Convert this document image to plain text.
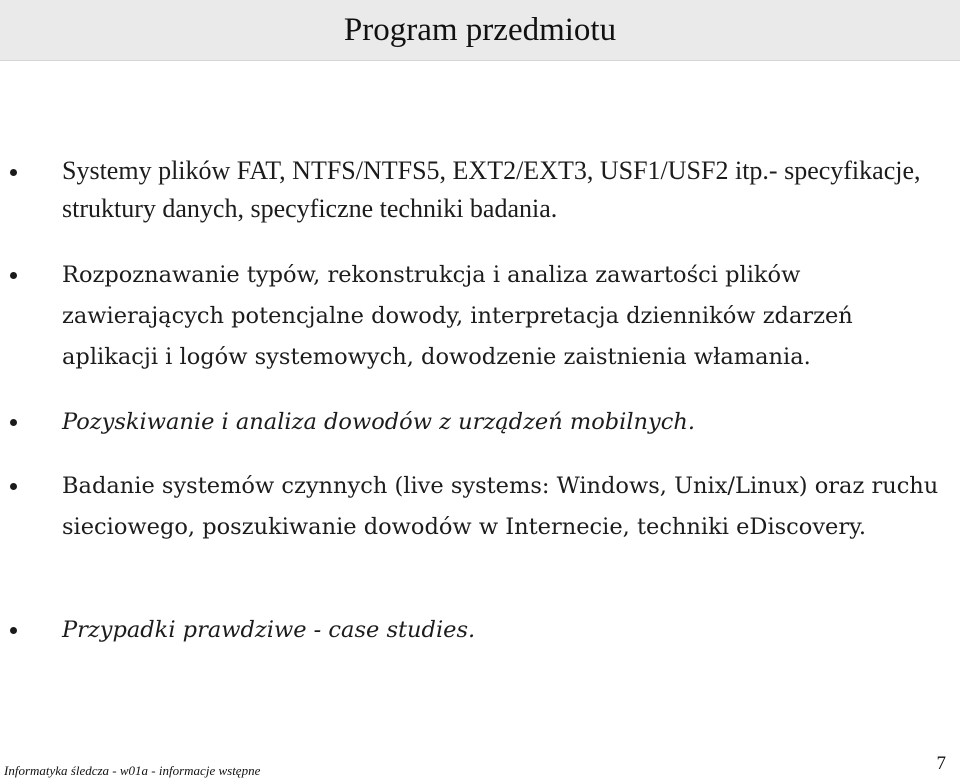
Program przedmiotu
Systemy plików FAT, NTFS/NTFS5, EXT2/EXT3, USF1/USF2 itp.- specyfikacje, struktury danych, specyficzne techniki badania.
Rozpoznawanie typów, rekonstrukcja i analiza zawartości plików zawierających potencjalne dowody, interpretacja dzienników zdarzeń aplikacji i logów systemowych, dowodzenie zaistnienia włamania.
Pozyskiwanie i analiza dowodów z urządzeń mobilnych.
Badanie systemów czynnych (live systems: Windows, Unix/Linux) oraz ruchu sieciowego, poszukiwanie dowodów w Internecie, techniki eDiscovery.
Przypadki prawdziwe - case studies.
Informatyka śledcza - w01a - informacje wstępne	7
